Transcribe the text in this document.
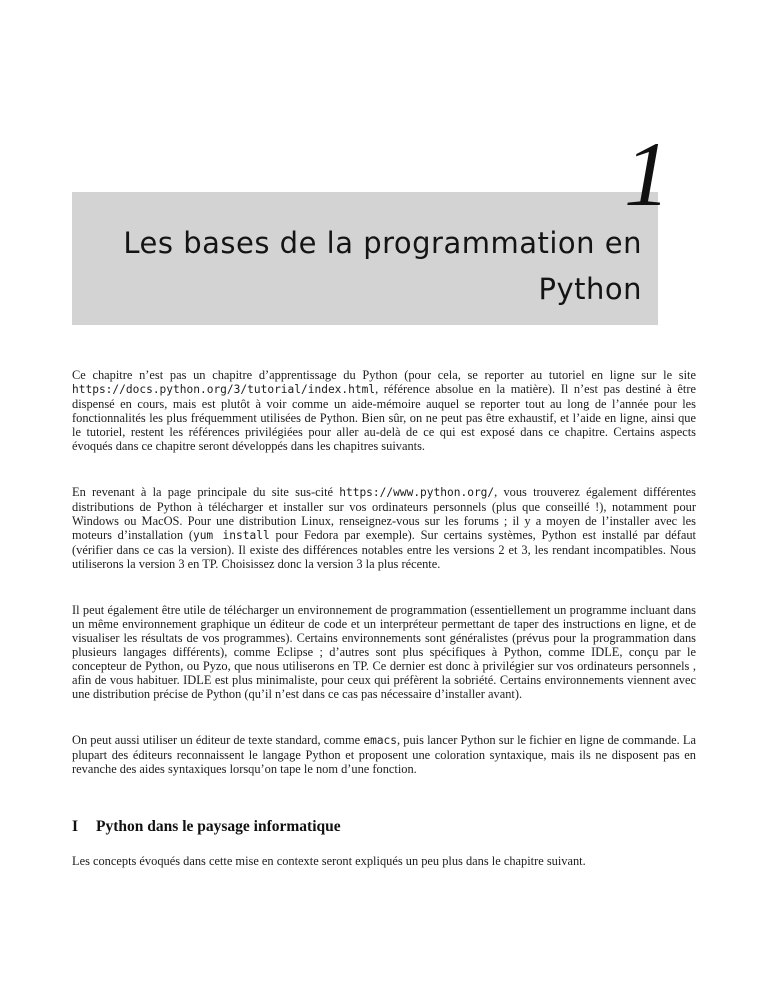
1
Les bases de la programmation en
Python

Ce chapitre n’est pas un chapitre d’apprentissage du Python (pour cela, se reporter au tutoriel en ligne sur le site https://docs.python.org/3/tutorial/index.html, référence absolue en la matière). Il n’est pas destiné à être dispensé en cours, mais est plutôt à voir comme un aide-mémoire auquel se reporter tout au long de l’année pour les fonctionnalités les plus fréquemment utilisées de Python. Bien sûr, on ne peut pas être exhaustif, et l’aide en ligne, ainsi que le tutoriel, restent les références privilégiées pour aller au-delà de ce qui est exposé dans ce chapitre. Certains aspects évoqués dans ce chapitre seront développés dans les chapitres suivants.

En revenant à la page principale du site sus-cité https://www.python.org/, vous trouverez également différentes distributions de Python à télécharger et installer sur vos ordinateurs personnels (plus que conseillé !), notamment pour Windows ou MacOS. Pour une distribution Linux, renseignez-vous sur les forums ; il y a moyen de l’installer avec les moteurs d’installation (yum install pour Fedora par exemple). Sur certains systèmes, Python est installé par défaut (vérifier dans ce cas la version). Il existe des différences notables entre les versions 2 et 3, les rendant incompatibles. Nous utiliserons la version 3 en TP. Choisissez donc la version 3 la plus récente.

Il peut également être utile de télécharger un environnement de programmation (essentiellement un programme incluant dans un même environnement graphique un éditeur de code et un interpréteur permettant de taper des instructions en ligne, et de visualiser les résultats de vos programmes). Certains environnements sont généralistes (prévus pour la programmation dans plusieurs langages différents), comme Eclipse ; d’autres sont plus spécifiques à Python, comme IDLE, conçu par le concepteur de Python, ou Pyzo, que nous utiliserons en TP. Ce dernier est donc à privilégier sur vos ordinateurs personnels , afin de vous habituer. IDLE est plus minimaliste, pour ceux qui préfèrent la sobriété. Certains environnements viennent avec une distribution précise de Python (qu’il n’est dans ce cas pas nécessaire d’installer avant).

On peut aussi utiliser un éditeur de texte standard, comme emacs, puis lancer Python sur le fichier en ligne de commande. La plupart des éditeurs reconnaissent le langage Python et proposent une coloration syntaxique, mais ils ne disposent pas en revanche des aides syntaxiques lorsqu’on tape le nom d’une fonction.

I Python dans le paysage informatique

Les concepts évoqués dans cette mise en contexte seront expliqués un peu plus dans le chapitre suivant.
